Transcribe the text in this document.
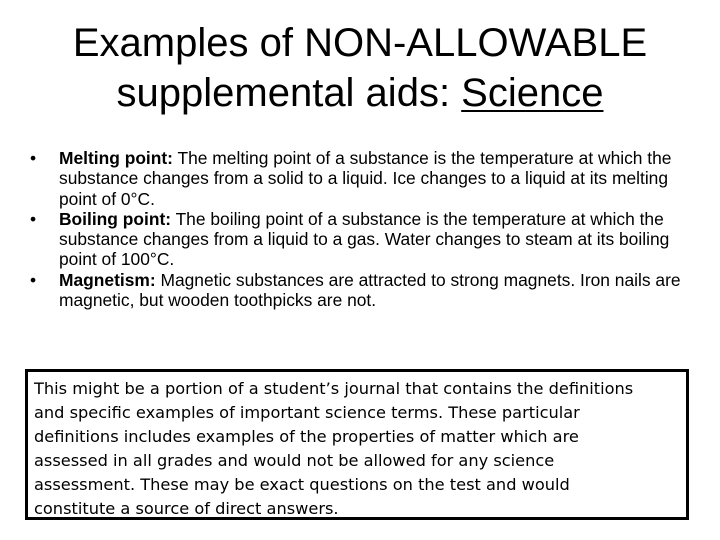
Examples of NON-ALLOWABLE
supplemental aids: Science
•	Melting point: The melting point of a substance is the temperature at which the substance changes from a solid to a liquid. Ice changes to a liquid at its melting point of 0°C.
•	Boiling point: The boiling point of a substance is the temperature at which the substance changes from a liquid to a gas. Water changes to steam at its boiling point of 100°C.
•	Magnetism: Magnetic substances are attracted to strong magnets. Iron nails are magnetic, but wooden toothpicks are not.
This might be a portion of a student’s journal that contains the definitions
and specific examples of important science terms. These particular
definitions includes examples of the properties of matter which are
assessed in all grades and would not be allowed for any science
assessment. These may be exact questions on the test and would
constitute a source of direct answers.
